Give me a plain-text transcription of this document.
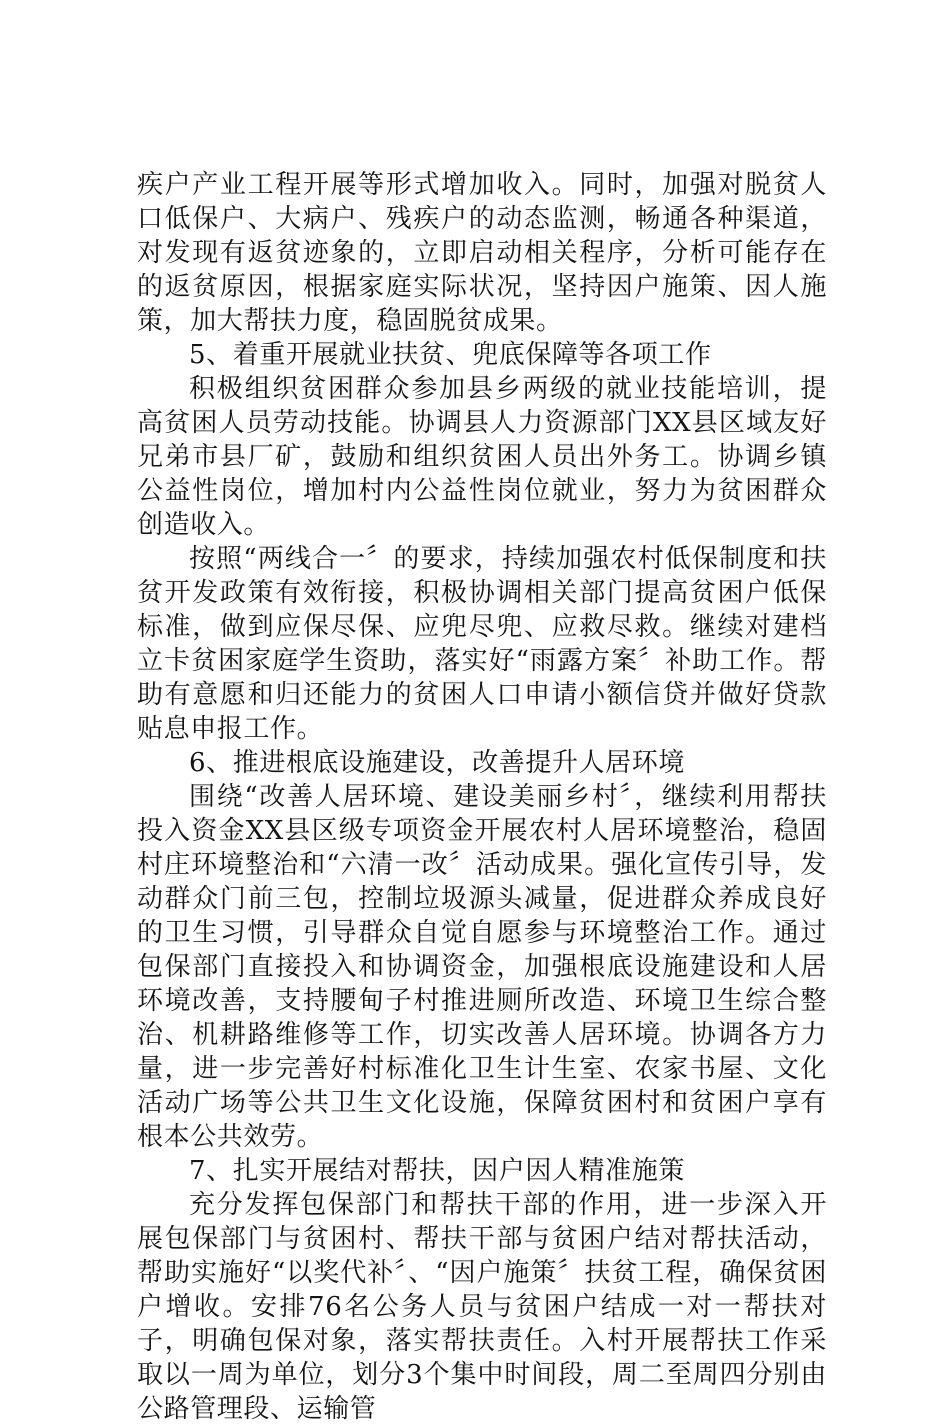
疾户产业工程开展等形式增加收入。同时，加强对脱贫人口低保户、大病户、残疾户的动态监测，畅通各种渠道，对发现有返贫迹象的，立即启动相关程序，分析可能存在的返贫原因，根据家庭实际状况，坚持因户施策、因人施策，加大帮扶力度，稳固脱贫成果。

5、着重开展就业扶贫、兜底保障等各项工作

积极组织贫困群众参加县乡两级的就业技能培训，提高贫困人员劳动技能。协调县人力资源部门XX县区域友好兄弟市县厂矿，鼓励和组织贫困人员出外务工。协调乡镇公益性岗位，增加村内公益性岗位就业，努力为贫困群众创造收入。

按照“两线合一〞的要求，持续加强农村低保制度和扶贫开发政策有效衔接，积极协调相关部门提高贫困户低保标准，做到应保尽保、应兜尽兜、应救尽救。继续对建档立卡贫困家庭学生资助，落实好“雨露方案〞补助工作。帮助有意愿和归还能力的贫困人口申请小额信贷并做好贷款贴息申报工作。

6、推进根底设施建设，改善提升人居环境

围绕“改善人居环境、建设美丽乡村〞，继续利用帮扶投入资金XX县区级专项资金开展农村人居环境整治，稳固村庄环境整治和“六清一改〞活动成果。强化宣传引导，发动群众门前三包，控制垃圾源头减量，促进群众养成良好的卫生习惯，引导群众自觉自愿参与环境整治工作。通过包保部门直接投入和协调资金，加强根底设施建设和人居环境改善，支持腰甸子村推进厕所改造、环境卫生综合整治、机耕路维修等工作，切实改善人居环境。协调各方力量，进一步完善好村标准化卫生计生室、农家书屋、文化活动广场等公共卫生文化设施，保障贫困村和贫困户享有根本公共效劳。

7、扎实开展结对帮扶，因户因人精准施策

充分发挥包保部门和帮扶干部的作用，进一步深入开展包保部门与贫困村、帮扶干部与贫困户结对帮扶活动，帮助实施好“以奖代补〞、“因户施策〞扶贫工程，确保贫困户增收。安排76名公务人员与贫困户结成一对一帮扶对子，明确包保对象，落实帮扶责任。入村开展帮扶工作采取以一周为单位，划分3个集中时间段，周二至周四分别由公路管理段、运输管
